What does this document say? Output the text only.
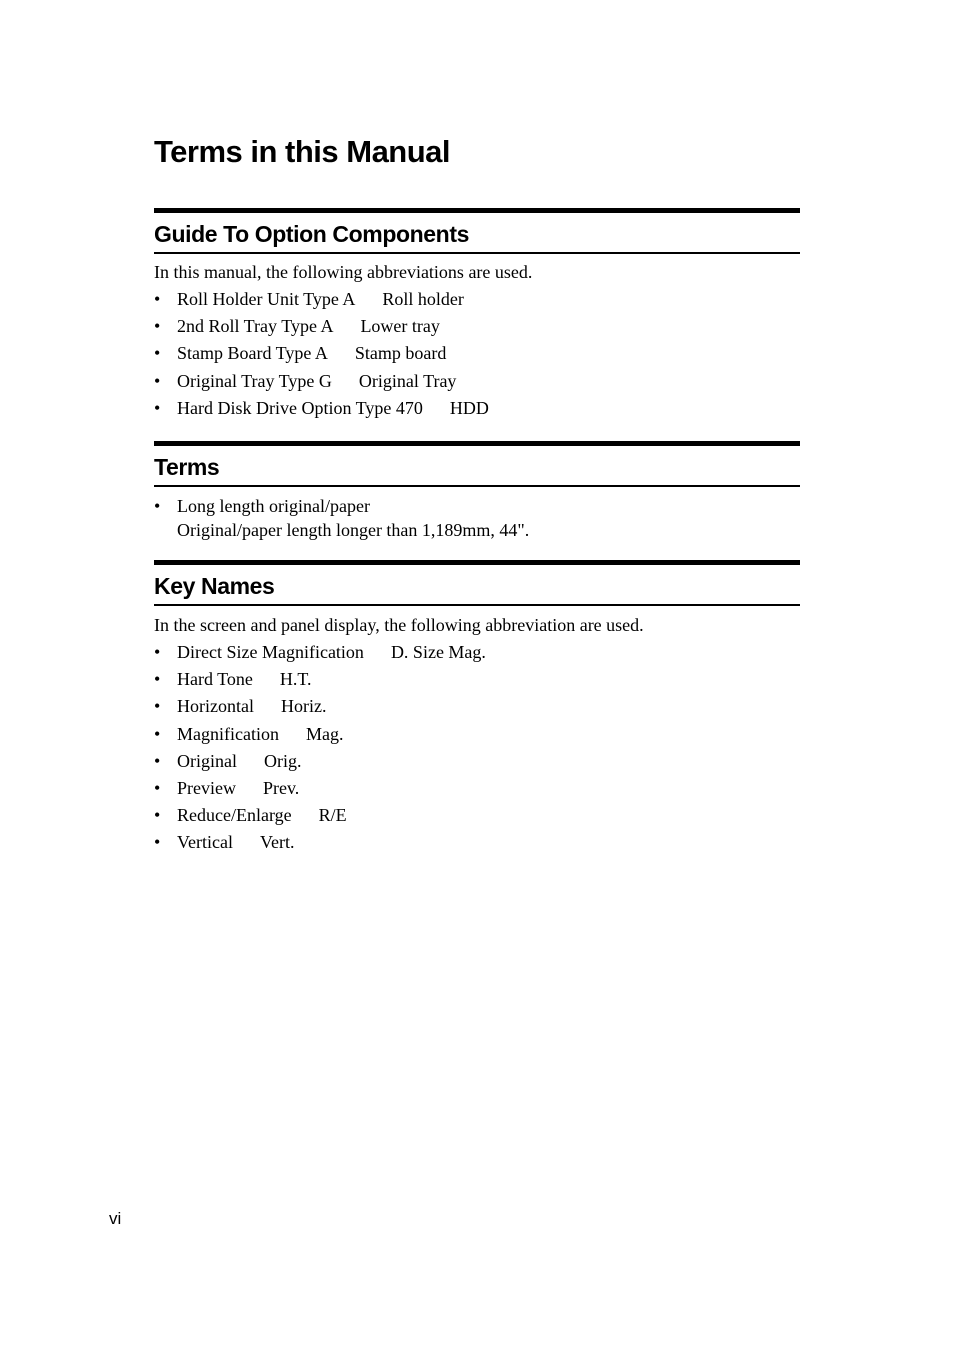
Terms in this Manual
Guide To Option Components

In this manual, the following abbreviations are used.

• Roll Holder Unit Type A Roll holder
• 2nd Roll Tray Type A Lower tray
• Stamp Board Type A Stamp board
• Original Tray Type G Original Tray
• Hard Disk Drive Option Type 470 HDD
Terms
• Long length original/paper
Original/paper length longer than 1,189mm, 44".
Key Names

In the screen and panel display, the following abbreviation are used.

• Direct Size Magnification D. Size Mag.
• Hard Tone H.T.
• Horizontal Horiz.
• Magnification Mag.
• Original Orig.
• Preview Prev.
• Reduce/Enlarge R/E
• Vertical Vert.
vi
